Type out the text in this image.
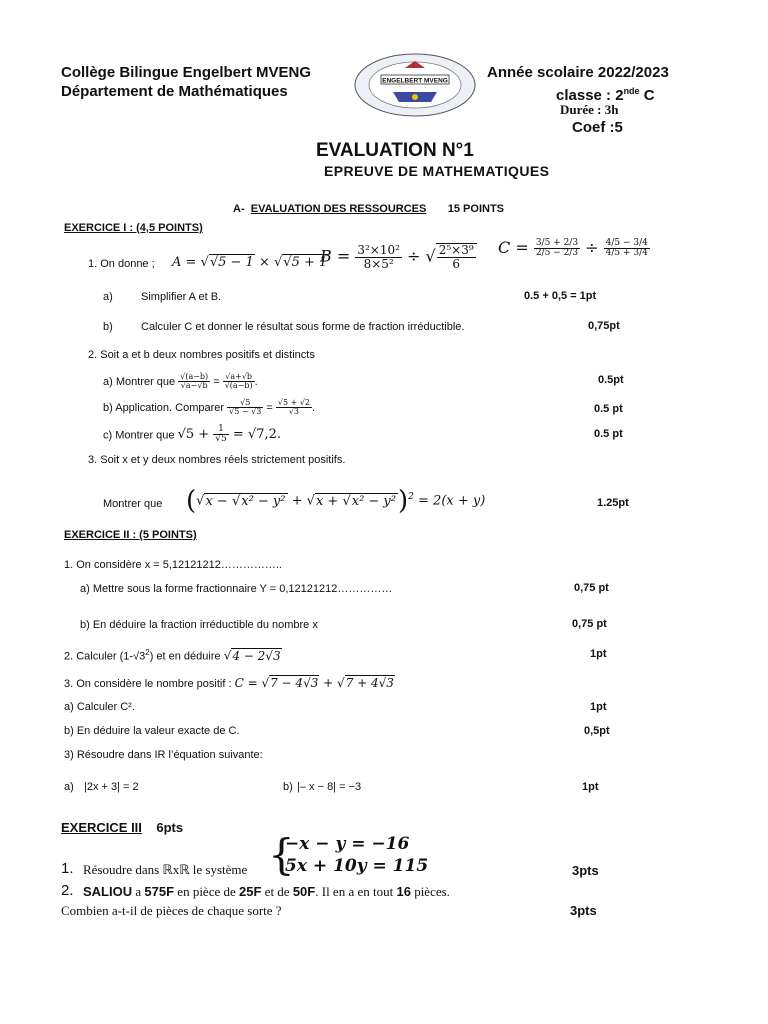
Collège Bilingue Engelbert MVENG
Département de Mathématiques
ENGELBERT MVENG	Année scolaire 2022/2023
classe : 2nde C
Durée : 3h
Coef :5
EVALUATION N°1
EPREUVE DE MATHEMATIQUES
A- EVALUATION DES RESSOURCES 15 POINTS
EXERCICE I : (4,5 POINTS)
1. On donne ; A = √√5 − 1 × √√5 + 1
$B = \frac{\text{3²×10²}}{\text{8×5²}}$ ÷ √ $\frac{\text{2⁵×3⁹}}{6}$ $C = \frac{3/5 + 2/3}{2/5 - 2/3} \div \frac{4/5 - 3/4}{4/5 + 3/4}$
a)	Simplifier A et B.	0.5 + 0,5 = 1pt
b)	Calculer C et donner le résultat sous forme de fraction irréductible.	0,75pt
2. Soit a et b deux nombres positifs et distincts
a) Montrer que $\frac{√(a-b)}{√a-√b} = \frac{√a+√b}{√(a-b)}$ .	0.5pt
b) Application. Comparer $\frac{√5}{√5 - √3} = \frac{√5 + √2}{√3}$ .	0.5 pt
c) Montrer que $√5 + \frac{1}{√5} = √7,2$.	0.5 pt
3. Soit x et y deux nombres réels strictement positifs.
Montrer que $(√x - √x^2 - y^2 + √x + √x^2 - y^2)^2 = 2(x + y)$	1.25pt
EXERCICE II : (5 POINTS)
1. On considère x = 5,12121212……………..
a) Mettre sous la forme fractionnaire Y = 0,12121212……………	0,75 pt
b) En déduire la fraction irréductible du nombre x	0,75 pt
2. Calculer $(1-√3^2)$ et en déduire √4 − 2√3	1pt
3. On considère le nombre positif : C = √7 − 4√3 + √7 + 4√3
a) Calculer C².	1pt
b) En déduire la valeur exacte de C.	0,5pt
3) Résoudre dans IR l’équation suivante:
a) |2x + 3| = 2	b) |– x − 8| = −3	1pt
EXERCICE III 6pts
1. Résoudre dans ℝxℝ le système {
−x − y = −16
5x + 10y = 115	3pts
2. SALIOU a 575F en pièce de 25F et de 50F. Il en a en tout 16 pièces.
Combien a-t-il de pièces de chaque sorte ?	3pts
